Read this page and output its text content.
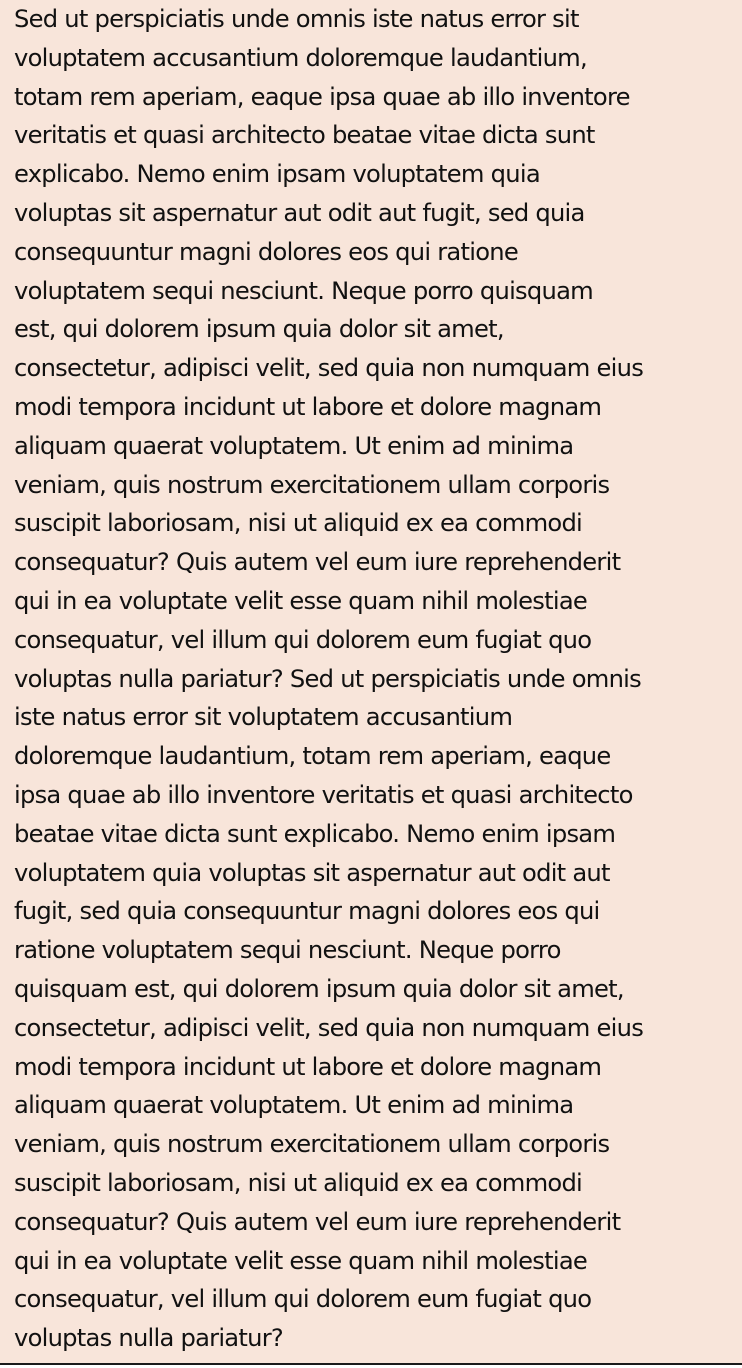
Sed ut perspiciatis unde omnis iste natus error sit
voluptatem accusantium doloremque laudantium,
totam rem aperiam, eaque ipsa quae ab illo inventore
veritatis et quasi architecto beatae vitae dicta sunt
explicabo. Nemo enim ipsam voluptatem quia
voluptas sit aspernatur aut odit aut fugit, sed quia
consequuntur magni dolores eos qui ratione
voluptatem sequi nesciunt. Neque porro quisquam
est, qui dolorem ipsum quia dolor sit amet,
consectetur, adipisci velit, sed quia non numquam eius
modi tempora incidunt ut labore et dolore magnam
aliquam quaerat voluptatem. Ut enim ad minima
veniam, quis nostrum exercitationem ullam corporis
suscipit laboriosam, nisi ut aliquid ex ea commodi
consequatur? Quis autem vel eum iure reprehenderit
qui in ea voluptate velit esse quam nihil molestiae
consequatur, vel illum qui dolorem eum fugiat quo
voluptas nulla pariatur? Sed ut perspiciatis unde omnis
iste natus error sit voluptatem accusantium
doloremque laudantium, totam rem aperiam, eaque
ipsa quae ab illo inventore veritatis et quasi architecto
beatae vitae dicta sunt explicabo. Nemo enim ipsam
voluptatem quia voluptas sit aspernatur aut odit aut
fugit, sed quia consequuntur magni dolores eos qui
ratione voluptatem sequi nesciunt. Neque porro
quisquam est, qui dolorem ipsum quia dolor sit amet,
consectetur, adipisci velit, sed quia non numquam eius
modi tempora incidunt ut labore et dolore magnam
aliquam quaerat voluptatem. Ut enim ad minima
veniam, quis nostrum exercitationem ullam corporis
suscipit laboriosam, nisi ut aliquid ex ea commodi
consequatur? Quis autem vel eum iure reprehenderit
qui in ea voluptate velit esse quam nihil molestiae
consequatur, vel illum qui dolorem eum fugiat quo
voluptas nulla pariatur?
